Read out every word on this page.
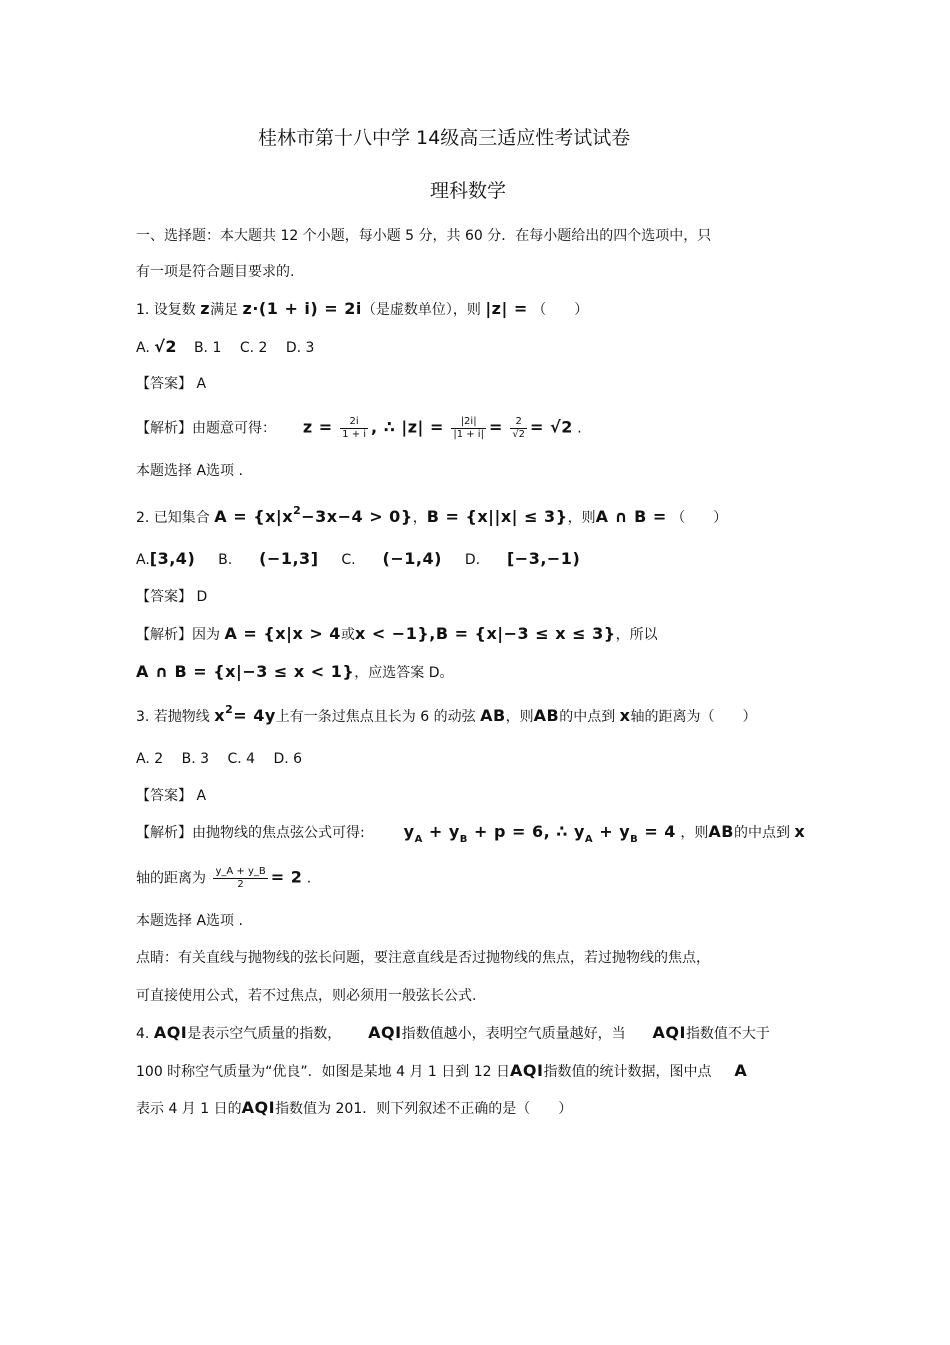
桂林市第十八中学 14级高三适应性考试试卷
理科数学
一、选择题：本大题共 12 个小题，每小题 5 分，共 60 分．在每小题给出的四个选项中，只
有一项是符合题目要求的.
1. 设复数 z满足 z·(1 + i) = 2i（是虚数单位），则 |z| = （　　）
A. √2 B. 1 　C. 2 　D. 3
【答案】 A
【解析】由题意可得： $z = \frac{2i}{1 + i}$ , ∴ $|z| = \frac{|2i|}{|1 + i|} = \frac{2}{√2} = √2$ .
本题选择 A选项 .
2. 已知集合 $A = \{x|x^2-3x-4 > 0\}$，B = {x||x| ≤ 3}，则A ∩ B = （　　）
A.[3,4) B. (−1,3] C. (−1,4) D. [−3,−1)
【答案】 D
【解析】因为 A = {x|x > 4或x < −1},B = {x|−3 ≤ x ≤ 3}，所以
A ∩ B = {x|−3 ≤ x < 1}，应选答案 D。
3. 若抛物线 $x^2= 4y$上有一条过焦点且长为 6 的动弦 AB，则AB的中点到 x轴的距离为（　　）
A. 2 　B. 3 　C. 4 　D. 6
【答案】 A
【解析】由抛物线的焦点弦公式可得: $y_A + y_B + p = 6$, ∴ $y_A + y_B = 4$ ，则AB的中点到 x
轴的距离为 $\frac{y\_A + y\_B}{2} = 2$ .
本题选择 A选项 .
点睛：有关直线与抛物线的弦长问题，要注意直线是否过抛物线的焦点，若过抛物线的焦点，
可直接使用公式，若不过焦点，则必须用一般弦长公式.
4. AQI是表示空气质量的指数， AQI指数值越小，表明空气质量越好，当 AQI指数值不大于
100 时称空气质量为“优良”．如图是某地 4 月 1 日到 12 日AQI指数值的统计数据，图中点 A
表示 4 月 1 日的AQI指数值为 201．则下列叙述不正确的是（　　）
